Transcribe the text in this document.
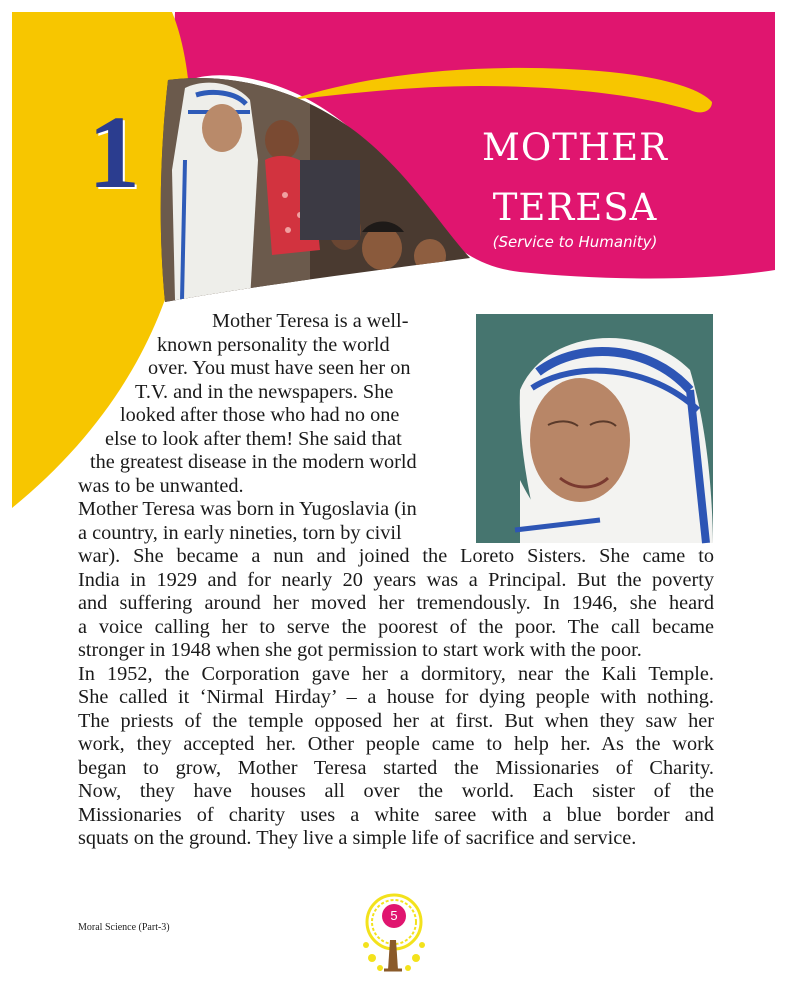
1	MOTHER
TERESA
(Service to Humanity)
Mother Teresa is a well-
known personality the world
over. You must have seen her on
T.V. and in the newspapers. She
looked after those who had no one
else to look after them! She said that
the greatest disease in the modern world
was to be unwanted.
Mother Teresa was born in Yugoslavia (in
a country, in early nineties, torn by civil
war). She became a nun and joined the Loreto Sisters. She came to
India in 1929 and for nearly 20 years was a Principal. But the poverty
and suffering around her moved her tremendously. In 1946, she heard
a voice calling her to serve the poorest of the poor. The call became
stronger in 1948 when she got permission to start work with the poor.
In 1952, the Corporation gave her a dormitory, near the Kali Temple.
She called it ‘Nirmal Hirday’ – a house for dying people with nothing.
The priests of the temple opposed her at first. But when they saw her
work, they accepted her. Other people came to help her. As the work
began to grow, Mother Teresa started the Missionaries of Charity.
Now, they have houses all over the world. Each sister of the
Missionaries of charity uses a white saree with a blue border and
squats on the ground. They live a simple life of sacrifice and service.
Moral Science (Part-3)
5
